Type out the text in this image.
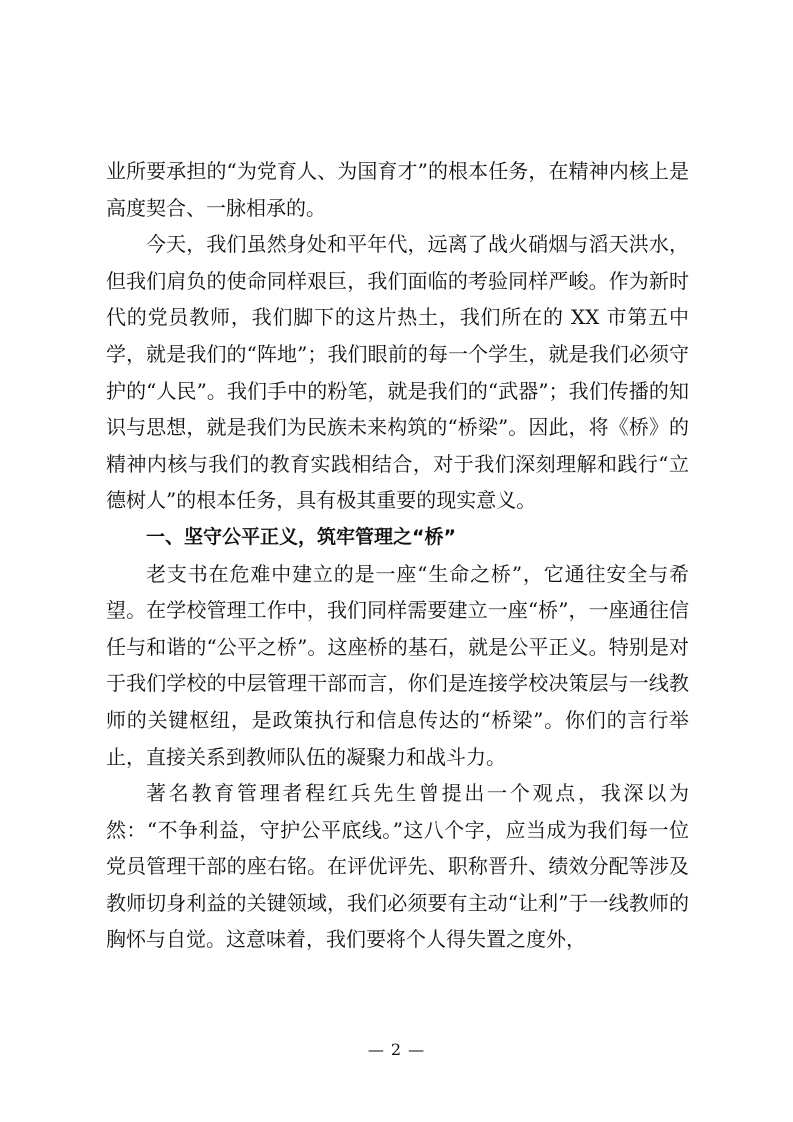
业所要承担的“为党育人、为国育才”的根本任务，在精神内核上是高度契合、一脉相承的。

今天，我们虽然身处和平年代，远离了战火硝烟与滔天洪水，但我们肩负的使命同样艰巨，我们面临的考验同样严峻。作为新时代的党员教师，我们脚下的这片热土，我们所在的 XX 市第五中学，就是我们的“阵地”；我们眼前的每一个学生，就是我们必须守护的“人民”。我们手中的粉笔，就是我们的“武器”；我们传播的知识与思想，就是我们为民族未来构筑的“桥梁”。因此，将《桥》的精神内核与我们的教育实践相结合，对于我们深刻理解和践行“立德树人”的根本任务，具有极其重要的现实意义。

一、坚守公平正义，筑牢管理之“桥”

老支书在危难中建立的是一座“生命之桥”，它通往安全与希望。在学校管理工作中，我们同样需要建立一座“桥”，一座通往信任与和谐的“公平之桥”。这座桥的基石，就是公平正义。特别是对于我们学校的中层管理干部而言，你们是连接学校决策层与一线教师的关键枢纽，是政策执行和信息传达的“桥梁”。你们的言行举止，直接关系到教师队伍的凝聚力和战斗力。

著名教育管理者程红兵先生曾提出一个观点，我深以为然：“不争利益，守护公平底线。”这八个字，应当成为我们每一位党员管理干部的座右铭。在评优评先、职称晋升、绩效分配等涉及教师切身利益的关键领域，我们必须要有主动“让利”于一线教师的胸怀与自觉。这意味着，我们要将个人得失置之度外，

— 2 —
